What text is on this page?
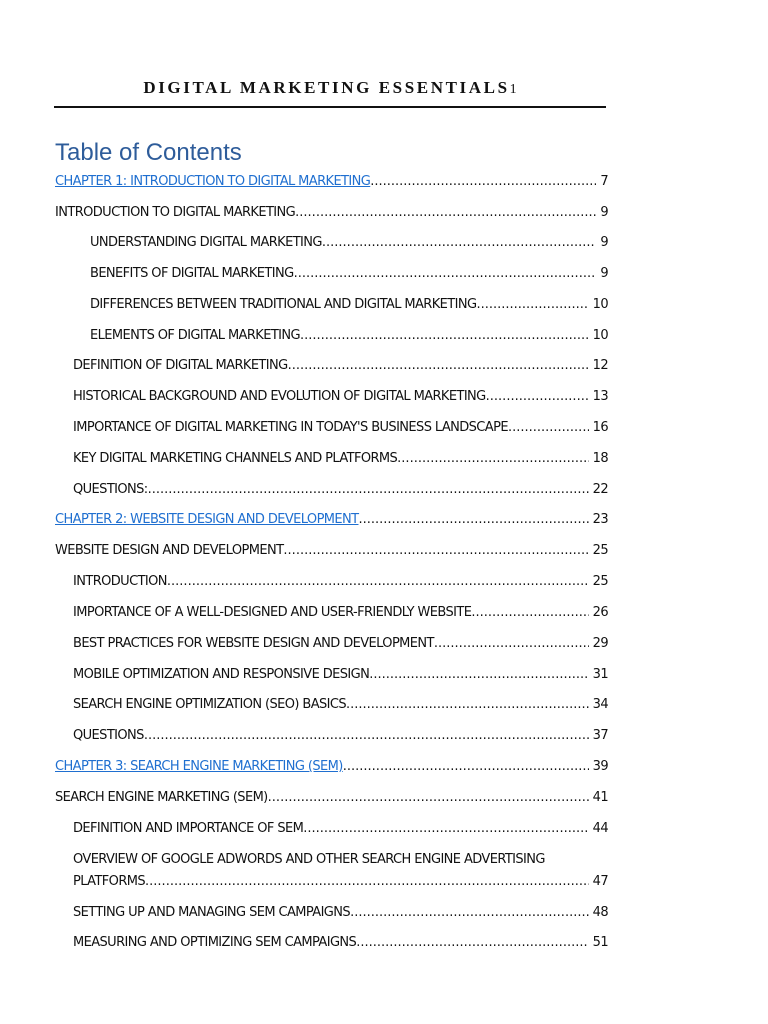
DIGITAL MARKETING ESSENTIALS1
Table of Contents
CHAPTER 1: INTRODUCTION TO DIGITAL MARKETING .....	7
INTRODUCTION TO DIGITAL MARKETING .....	9
UNDERSTANDING DIGITAL MARKETING .....	9
BENEFITS OF DIGITAL MARKETING .....	9
DIFFERENCES BETWEEN TRADITIONAL AND DIGITAL MARKETING .....	10
ELEMENTS OF DIGITAL MARKETING .....	10
DEFINITION OF DIGITAL MARKETING .....	12
HISTORICAL BACKGROUND AND EVOLUTION OF DIGITAL MARKETING .....	13
IMPORTANCE OF DIGITAL MARKETING IN TODAY'S BUSINESS LANDSCAPE .....	16
KEY DIGITAL MARKETING CHANNELS AND PLATFORMS .....	18
QUESTIONS: .....	22
CHAPTER 2: WEBSITE DESIGN AND DEVELOPMENT .....	23
WEBSITE DESIGN AND DEVELOPMENT .....	25
INTRODUCTION .....	25
IMPORTANCE OF A WELL-DESIGNED AND USER-FRIENDLY WEBSITE .....	26
BEST PRACTICES FOR WEBSITE DESIGN AND DEVELOPMENT .....	29
MOBILE OPTIMIZATION AND RESPONSIVE DESIGN .....	31
SEARCH ENGINE OPTIMIZATION (SEO) BASICS .....	34
QUESTIONS .....	37
CHAPTER 3: SEARCH ENGINE MARKETING (SEM) .....	39
SEARCH ENGINE MARKETING (SEM) .....	41
DEFINITION AND IMPORTANCE OF SEM .....	44
OVERVIEW OF GOOGLE ADWORDS AND OTHER SEARCH ENGINE ADVERTISING
PLATFORMS .....	47
SETTING UP AND MANAGING SEM CAMPAIGNS .....	48
MEASURING AND OPTIMIZING SEM CAMPAIGNS .....	51
